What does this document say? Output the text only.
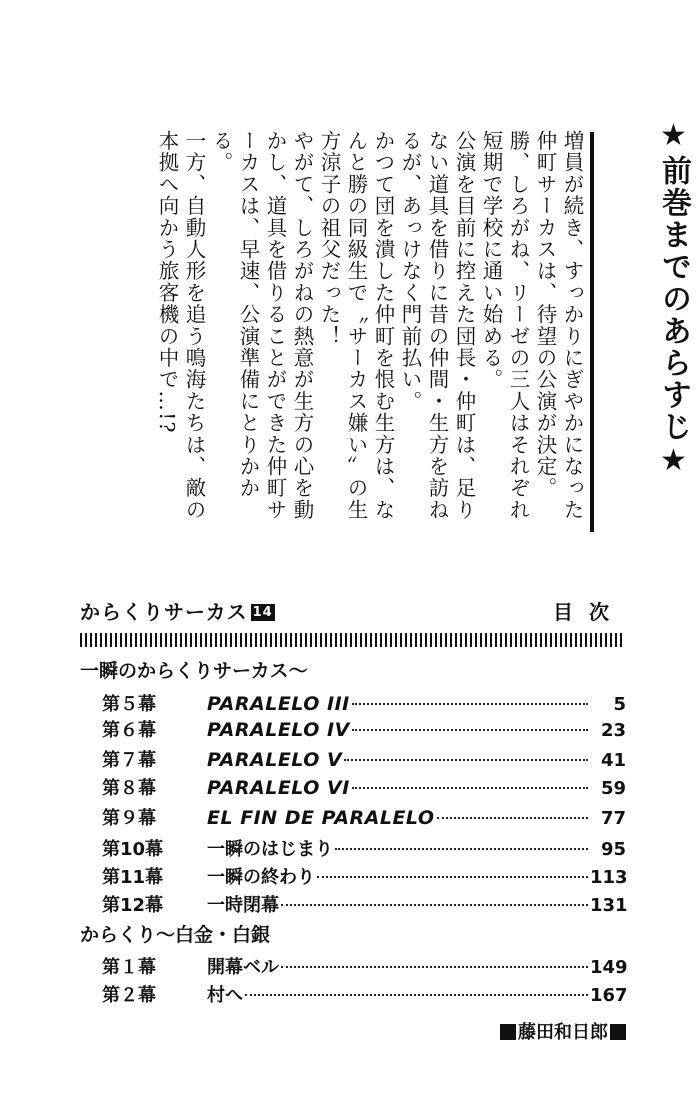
★前巻までのあらすじ★

増員が続き、すっかりにぎやかになった仲町サーカスは、待望の公演が決定。

勝、しろがね、リーゼの三人はそれぞれ短期で学校に通い始める。

公演を目前に控えた団長・仲町は、足りない道具を借りに昔の仲間・生方を訪ねるが、あっけなく門前払い。

かつて団を潰した仲町を恨む生方は、なんと勝の同級生で〝サーカス嫌い〟の生方涼子の祖父だった！

やがて、しろがねの熱意が生方の心を動かし、道具を借りることができた仲町サーカスは、早速、公演準備にとりかかる。

一方、自動人形を追う鳴海たちは、敵の本拠へ向かう旅客機の中で…!?

からくりサーカス 14	目次
一瞬のからくりサーカス〜
第５幕	PARALELO III	5
第６幕	PARALELO IV	23
第７幕	PARALELO V	41
第８幕	PARALELO VI	59
第９幕	EL FIN DE PARALELO	77
第10幕	一瞬のはじまり	95
第11幕	一瞬の終わり	113
第12幕	一時閉幕	131
からくり〜白金・白銀
第１幕	開幕ベル	149
第２幕	村へ	167
藤田和日郎
